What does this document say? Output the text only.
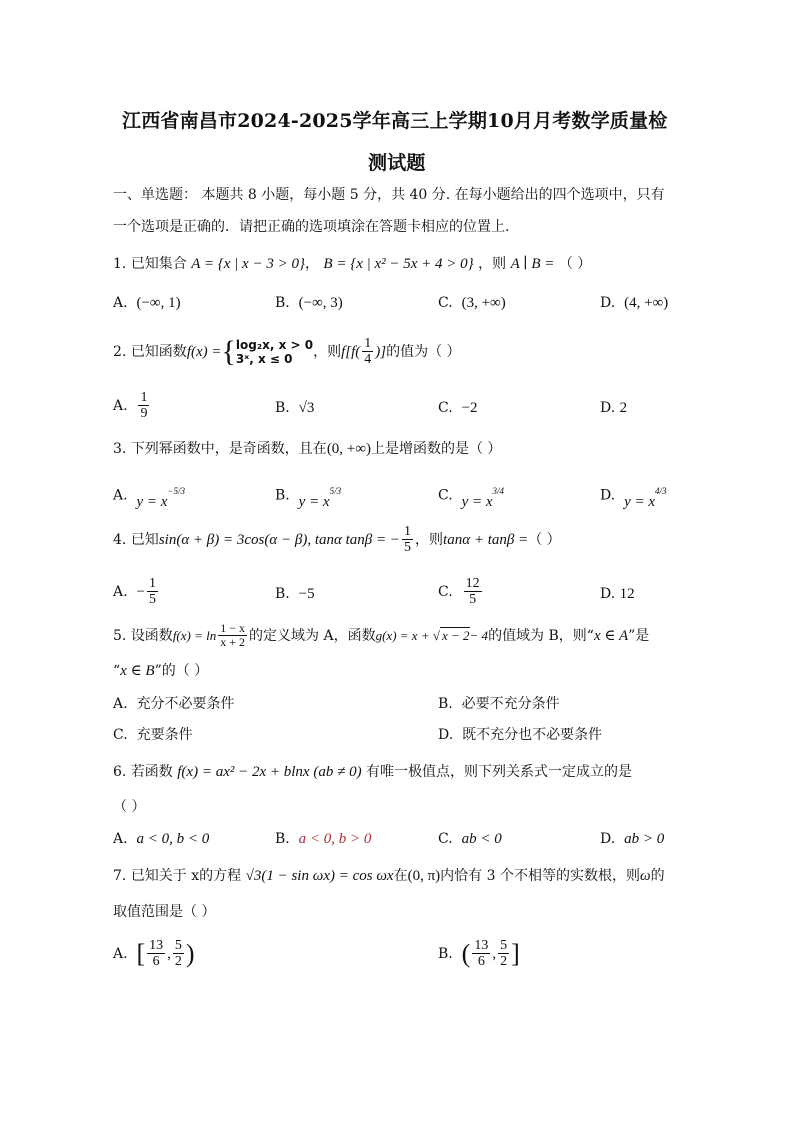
江西省南昌市2024-2025学年高三上学期10月月考数学质量检
测试题
一、单选题： 本题共 8 小题，每小题 5 分，共 40 分. 在每小题给出的四个选项中，只有
一个选项是正确的．请把正确的选项填涂在答题卡相应的位置上.
1. 已知集合 A = {x | x − 3 > 0}， B = {x | x² − 5x + 4 > 0} ，则 A ∣ B = （ ）
A. (−∞, 1)	B. (−∞, 3)	C. (3, +∞)	D. (4, +∞)
2.
已知函数 f(x) = { log₂x, x > 0
3ˣ, x ≤ 0	，则 $f[f( \frac{1}{4}$ )] 的值为（ ）
A.
$\frac{1}{9}$	B. √3	C. −2	D. 2
3. 下列幂函数中，是奇函数，且在(0, +∞)上是增函数的是（ ）
A. $y = x^{-5/3}$	B. $y = x^{5/3}$	C. $y = x^{3/4}$	D. $y = x^{4/3}$
4.
已知 sin(α + β) = 3cos(α − β), tanα tanβ = − $\frac{1}{5}$ ，则 tanα + tanβ = （ ）
A.
− $\frac{1}{5}$	B. −5	C.
$\frac{12}{5}$	D. 12
5.
设函数 $f(x) = \ln \frac{1 - x}{x + 2}$ 的定义域为 A，函数 g(x) = x + √ x − 2 − 4 的值域为 B，则“ x ∈ A ”是
“x ∈ B”的（ ）
A. 充分不必要条件	B. 必要不充分条件
C. 充要条件	D. 既不充分也不必要条件
6. 若函数 f(x) = ax² − 2x + blnx (ab ≠ 0) 有唯一极值点，则下列关系式一定成立的是
（ ）
A. a < 0, b < 0	B. a < 0, b > 0	C. ab < 0	D. ab > 0
7. 已知关于 x的方程 √3(1 − sin ωx) = cos ωx在(0, π)内恰有 3 个不相等的实数根，则ω的
取值范围是（ ）
A.
[ $\frac{13}{6}$ , $\frac{5}{2}$ )	B.
( $\frac{13}{6}$ , $\frac{5}{2}$ ]
